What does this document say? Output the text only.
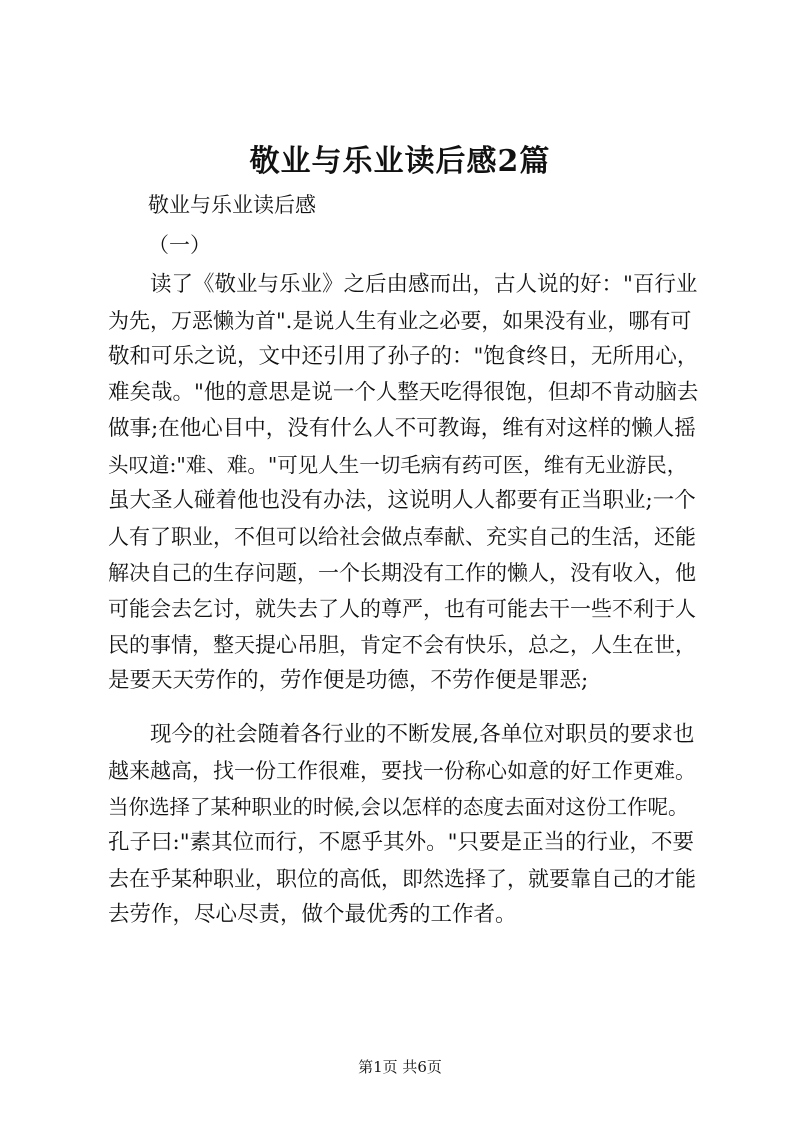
敬业与乐业读后感2篇
敬业与乐业读后感
（一）
读了《敬业与乐业》之后由感而出，古人说的好："百行业
为先，万恶懒为首".是说人生有业之必要，如果没有业，哪有可
敬和可乐之说，文中还引用了孙子的："饱食终日，无所用心，
难矣哉。"他的意思是说一个人整天吃得很饱，但却不肯动脑去
做事;在他心目中，没有什么人不可教诲，维有对这样的懒人摇
头叹道:"难、难。"可见人生一切毛病有药可医，维有无业游民，
虽大圣人碰着他也没有办法，这说明人人都要有正当职业;一个
人有了职业，不但可以给社会做点奉献、充实自己的生活，还能
解决自己的生存问题，一个长期没有工作的懒人，没有收入，他
可能会去乞讨，就失去了人的尊严，也有可能去干一些不利于人
民的事情，整天提心吊胆，肯定不会有快乐，总之，人生在世，
是要天天劳作的，劳作便是功德，不劳作便是罪恶;
现今的社会随着各行业的不断发展,各单位对职员的要求也
越来越高，找一份工作很难，要找一份称心如意的好工作更难。
当你选择了某种职业的时候,会以怎样的态度去面对这份工作呢。
孔子曰:"素其位而行，不愿乎其外。"只要是正当的行业，不要
去在乎某种职业，职位的高低，即然选择了，就要靠自己的才能
去劳作，尽心尽责，做个最优秀的工作者。
第1页 共6页
